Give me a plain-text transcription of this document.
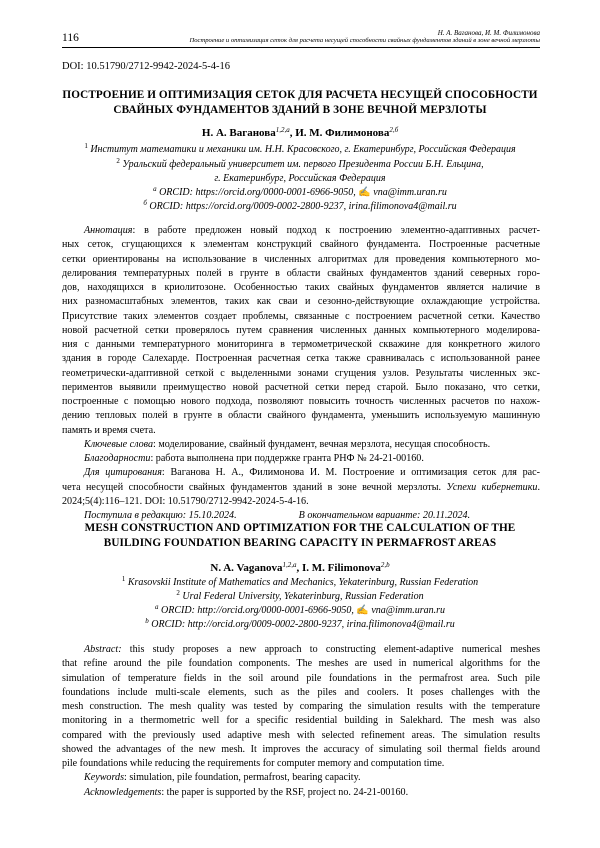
116	Н. А. Ваганова, И. М. Филимонова
Построение и оптимизация сеток для расчета несущей способности свайных фундаментов зданий в зоне вечной мерзлоты
DOI: 10.51790/2712-9942-2024-5-4-16
ПОСТРОЕНИЕ И ОПТИМИЗАЦИЯ СЕТОК ДЛЯ РАСЧЕТА НЕСУЩЕЙ СПОСОБНОСТИ
СВАЙНЫХ ФУНДАМЕНТОВ ЗДАНИЙ В ЗОНЕ ВЕЧНОЙ МЕРЗЛОТЫ
Н. А. Ваганова$^{1,2,а}$, И. М. Филимонова$^{2,б}$
$^1$ Институт математики и механики им. Н.Н. Красовского, г. Екатеринбург, Российская Федерация
$^2$ Уральский федеральный университет им. первого Президента России Б.Н. Ельцина,
г. Екатеринбург, Российская Федерация
$^а$ ORCID: https://orcid.org/0000-0001-6966-9050, ✍ vna@imm.uran.ru
$^б$ ORCID: https://orcid.org/0009-0002-2800-9237, irina.filimonova4@mail.ru
Аннотация: в работе предложен новый подход к построению элементно-адаптивных расчет-
ных сеток, сгущающихся к элементам конструкций свайного фундамента. Построенные расчетные
сетки ориентированы на использование в численных алгоритмах для проведения компьютерного мо-
делирования температурных полей в грунте в области свайных фундаментов зданий северных горо-
дов, находящихся в криолитозоне. Особенностью таких свайных фундаментов является наличие в
них разномасштабных элементов, таких как сваи и сезонно-действующие охлаждающие устройства.
Присутствие таких элементов создает проблемы, связанные с построением расчетной сетки. Качество
новой расчетной сетки проверялось путем сравнения численных данных компьютерного моделирова-
ния с данными температурного мониторинга в термометрической скважине для конкретного жилого
здания в городе Салехарде. Построенная расчетная сетка также сравнивалась с использованной ранее
геометрически-адаптивной сеткой с выделенными зонами сгущения узлов. Результаты численных экс-
периментов выявили преимущество новой расчетной сетки перед старой. Было показано, что сетки,
построенные с помощью нового подхода, позволяют повысить точность численных расчетов по нахож-
дению тепловых полей в грунте в области свайного фундамента, уменьшить используемую машинную
память и время счета.
Ключевые слова: моделирование, свайный фундамент, вечная мерзлота, несущая способность.
Благодарности: работа выполнена при поддержке гранта РНФ № 24-21-00160.
Для цитирования: Ваганова Н. А., Филимонова И. М. Построение и оптимизация сеток для рас-
чета несущей способности свайных фундаментов зданий в зоне вечной мерзлоты. Успехи кибернетики.
2024;5(4):116–121. DOI: 10.51790/2712-9942-2024-5-4-16.
Поступила в редакцию: 15.10.2024.	В окончательном варианте: 20.11.2024.
MESH CONSTRUCTION AND OPTIMIZATION FOR THE CALCULATION OF THE
BUILDING FOUNDATION BEARING CAPACITY IN PERMAFROST AREAS
N. A. Vaganova$^{1,2,a}$, I. M. Filimonova$^{2,b}$
$^1$ Krasovskii Institute of Mathematics and Mechanics, Yekaterinburg, Russian Federation
$^2$ Ural Federal University, Yekaterinburg, Russian Federation
$^a$ ORCID: http://orcid.org/0000-0001-6966-9050, ✍ vna@imm.uran.ru
$^b$ ORCID: http://orcid.org/0009-0002-2800-9237, irina.filimonova4@mail.ru
Abstract: this study proposes a new approach to constructing element-adaptive numerical meshes
that refine around the pile foundation components. The meshes are used in numerical algorithms for the
simulation of temperature fields in the soil around pile foundations in the permafrost area. Such pile
foundations include multi-scale elements, such as the piles and coolers. It poses challenges with the
mesh construction. The mesh quality was tested by comparing the simulation results with the temperature
monitoring in a thermometric well for a specific residential building in Salekhard. The mesh was also
compared with the previously used adaptive mesh with selected refinement areas. The simulation results
showed the advantages of the new mesh. It improves the accuracy of simulating soil thermal fields around
pile foundations while reducing the requirements for computer memory and computation time.
Keywords: simulation, pile foundation, permafrost, bearing capacity.
Acknowledgements: the paper is supported by the RSF, project no. 24-21-00160.
